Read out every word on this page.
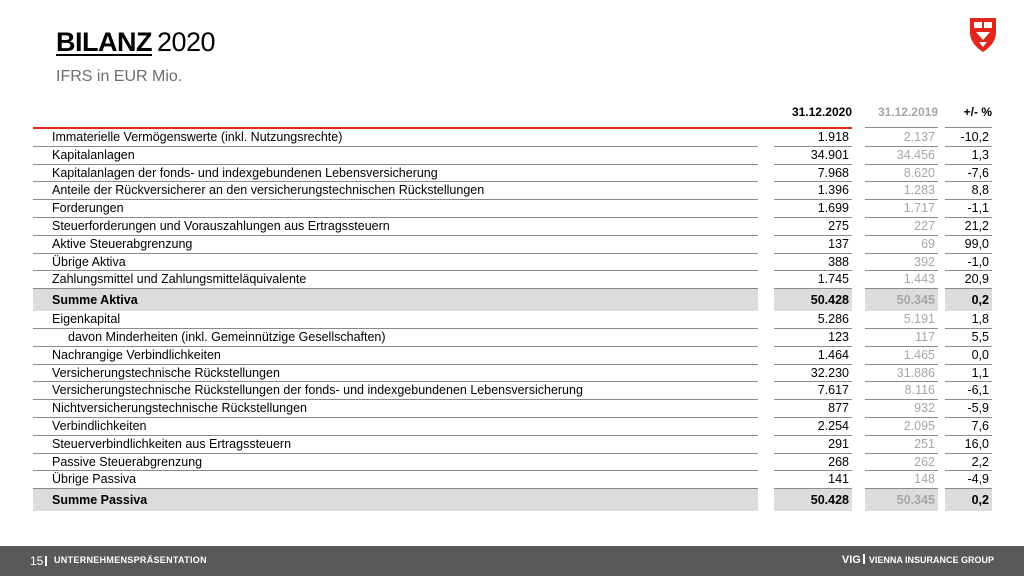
BILANZ 2020
IFRS in EUR Mio.
31.12.2020	31.12.2019	+/- %
Immaterielle Vermögenswerte (inkl. Nutzungsrechte)	1.918	2.137	-10,2
Kapitalanlagen	34.901	34.456	1,3
Kapitalanlagen der fonds- und indexgebundenen Lebensversicherung	7.968	8.620	-7,6
Anteile der Rückversicherer an den versicherungstechnischen Rückstellungen	1.396	1.283	8,8
Forderungen	1.699	1.717	-1,1
Steuerforderungen und Vorauszahlungen aus Ertragssteuern	275	227	21,2
Aktive Steuerabgrenzung	137	69	99,0
Übrige Aktiva	388	392	-1,0
Zahlungsmittel und Zahlungsmitteläquivalente	1.745	1.443	20,9
Summe Aktiva	50.428	50.345	0,2
Eigenkapital	5.286	5.191	1,8
davon Minderheiten (inkl. Gemeinnützige Gesellschaften)	123	117	5,5
Nachrangige Verbindlichkeiten	1.464	1.465	0,0
Versicherungstechnische Rückstellungen	32.230	31.886	1,1
Versicherungstechnische Rückstellungen der fonds- und indexgebundenen Lebensversicherung	7.617	8.116	-6,1
Nichtversicherungstechnische Rückstellungen	877	932	-5,9
Verbindlichkeiten	2.254	2.095	7,6
Steuerverbindlichkeiten aus Ertragssteuern	291	251	16,0
Passive Steuerabgrenzung	268	262	2,2
Übrige Passiva	141	148	-4,9
Summe Passiva	50.428	50.345	0,2
15	UNTERNEHMENSPRÄSENTATION	VIG VIENNA INSURANCE GROUP
